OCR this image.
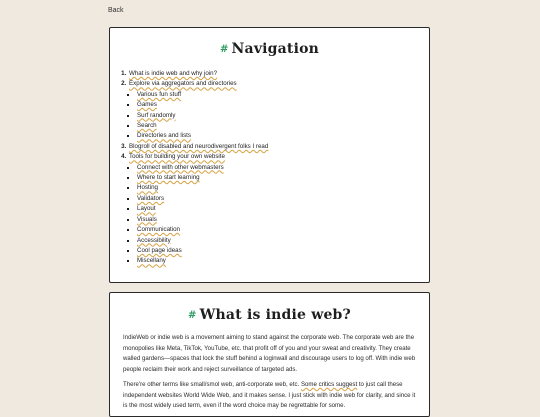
Back
# Navigation
1. What is indie web and why join?
2. Explore via aggregators and directories
▪ Various fun stuff
▪ Games
▪ Surf randomly
▪ Search
▪ Directories and lists
3. Blogroll of disabled and neurodivergent folks I read
4. Tools for building your own website
▪ Connect with other webmasters
▪ Where to start learning
▪ Hosting
▪ Validators
▪ Layout
▪ Visuals
▪ Communication
▪ Accessibility
▪ Cool page ideas
▪ Miscellany
# What is indie web?

IndieWeb or indie web is a movement aiming to stand against the corporate web. The corporate web are the monopolies like Meta, TikTok, YouTube, etc. that profit off of you and your sweat and creativity. They create walled gardens—spaces that lock the stuff behind a loginwall and discourage users to log off. With indie web people reclaim their work and reject surveillance of targeted ads.

There're other terms like small/smol web, anti-corporate web, etc. Some critics suggest to just call these independent websites World Wide Web, and it makes sense. I just stick with indie web for clarity, and since it is the most widely used term, even if the word choice may be regrettable for some.
